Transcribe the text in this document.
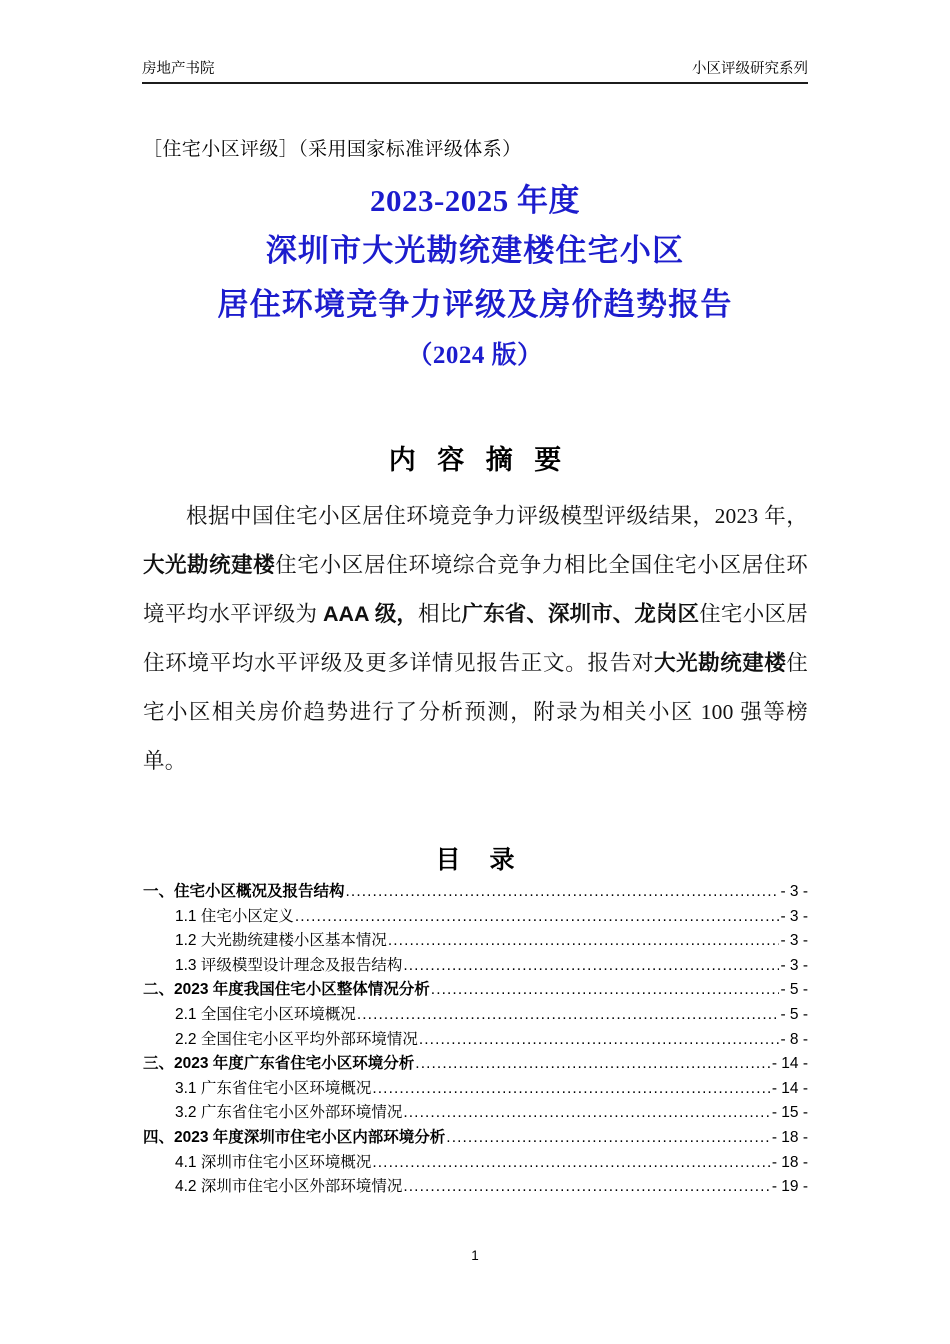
房地产书院	小区评级研究系列
［住宅小区评级］（采用国家标准评级体系）
2023-2025 年度
深圳市大光勘统建楼住宅小区
居住环境竞争力评级及房价趋势报告
（2024 版）
内 容 摘 要
根据中国住宅小区居住环境竞争力评级模型评级结果，2023 年，大光勘统建楼住宅小区居住环境综合竞争力相比全国住宅小区居住环境平均水平评级为 AAA 级，相比广东省、深圳市、龙岗区住宅小区居住环境平均水平评级及更多详情见报告正文。报告对大光勘统建楼住宅小区相关房价趋势进行了分析预测，附录为相关小区 100 强等榜单。
目 录
一、住宅小区概况及报告结构 .....	- 3 -
1.1 住宅小区定义 .....	- 3 -
1.2 大光勘统建楼小区基本情况 .....	- 3 -
1.3 评级模型设计理念及报告结构 .....	- 3 -
二、2023 年度我国住宅小区整体情况分析 .....	- 5 -
2.1 全国住宅小区环境概况 .....	- 5 -
2.2 全国住宅小区平均外部环境情况 .....	- 8 -
三、2023 年度广东省住宅小区环境分析 .....	- 14 -
3.1 广东省住宅小区环境概况 .....	- 14 -
3.2 广东省住宅小区外部环境情况 .....	- 15 -
四、2023 年度深圳市住宅小区内部环境分析 .....	- 18 -
4.1 深圳市住宅小区环境概况 .....	- 18 -
4.2 深圳市住宅小区外部环境情况 .....	- 19 -
1
